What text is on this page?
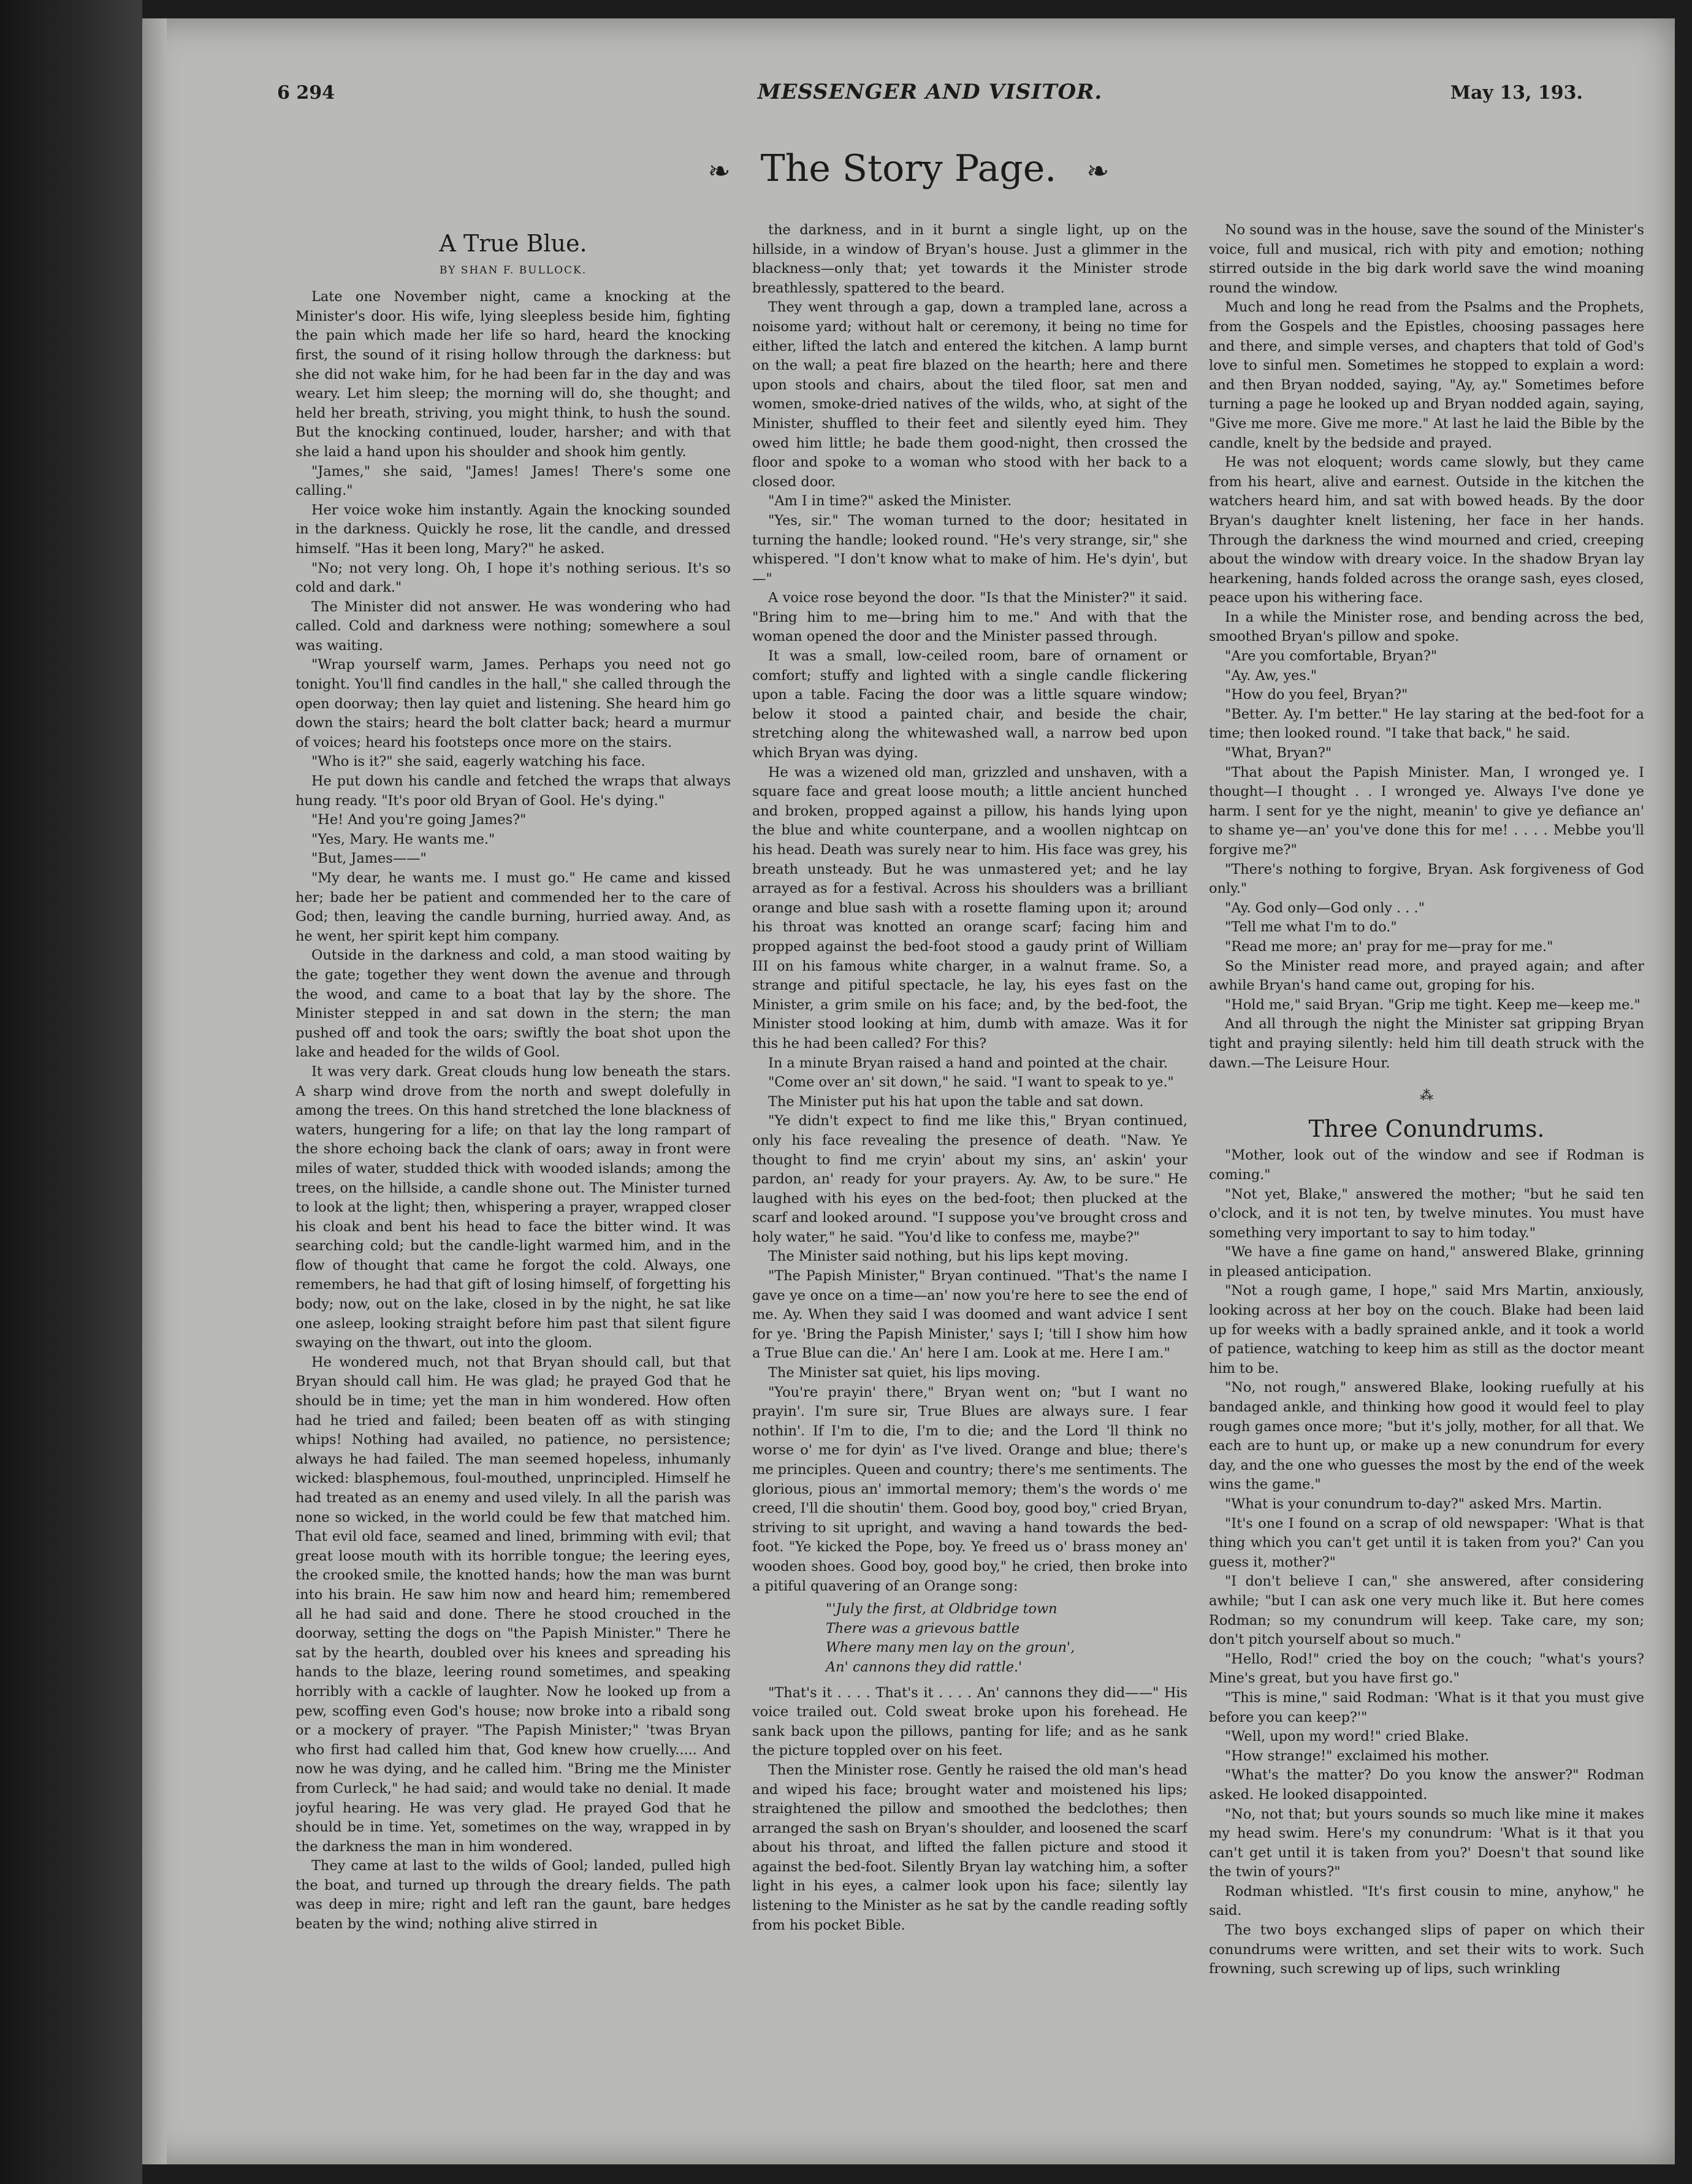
6 294	MESSENGER AND VISITOR.	May 13, 193.
❧ The Story Page. ❧
A True Blue.
BY SHAN F. BULLOCK.

Late one November night, came a knocking at the Minister's door. His wife, lying sleepless beside him, fighting the pain which made her life so hard, heard the knocking first, the sound of it rising hollow through the darkness: but she did not wake him, for he had been far in the day and was weary. Let him sleep; the morning will do, she thought; and held her breath, striving, you might think, to hush the sound. But the knocking continued, louder, harsher; and with that she laid a hand upon his shoulder and shook him gently.

"James," she said, "James! James! There's some one calling."

Her voice woke him instantly. Again the knocking sounded in the darkness. Quickly he rose, lit the candle, and dressed himself. "Has it been long, Mary?" he asked.

"No; not very long. Oh, I hope it's nothing serious. It's so cold and dark."

The Minister did not answer. He was wondering who had called. Cold and darkness were nothing; somewhere a soul was waiting.

"Wrap yourself warm, James. Perhaps you need not go tonight. You'll find candles in the hall," she called through the open doorway; then lay quiet and listening. She heard him go down the stairs; heard the bolt clatter back; heard a murmur of voices; heard his footsteps once more on the stairs.

"Who is it?" she said, eagerly watching his face.

He put down his candle and fetched the wraps that always hung ready. "It's poor old Bryan of Gool. He's dying."

"He! And you're going James?"

"Yes, Mary. He wants me."

"But, James——"

"My dear, he wants me. I must go." He came and kissed her; bade her be patient and commended her to the care of God; then, leaving the candle burning, hurried away. And, as he went, her spirit kept him company.

Outside in the darkness and cold, a man stood waiting by the gate; together they went down the avenue and through the wood, and came to a boat that lay by the shore. The Minister stepped in and sat down in the stern; the man pushed off and took the oars; swiftly the boat shot upon the lake and headed for the wilds of Gool.

It was very dark. Great clouds hung low beneath the stars. A sharp wind drove from the north and swept dolefully in among the trees. On this hand stretched the lone blackness of waters, hungering for a life; on that lay the long rampart of the shore echoing back the clank of oars; away in front were miles of water, studded thick with wooded islands; among the trees, on the hillside, a candle shone out. The Minister turned to look at the light; then, whispering a prayer, wrapped closer his cloak and bent his head to face the bitter wind. It was searching cold; but the candle-light warmed him, and in the flow of thought that came he forgot the cold. Always, one remembers, he had that gift of losing himself, of forgetting his body; now, out on the lake, closed in by the night, he sat like one asleep, looking straight before him past that silent figure swaying on the thwart, out into the gloom.

He wondered much, not that Bryan should call, but that Bryan should call him. He was glad; he prayed God that he should be in time; yet the man in him wondered. How often had he tried and failed; been beaten off as with stinging whips! Nothing had availed, no patience, no persistence; always he had failed. The man seemed hopeless, inhumanly wicked: blasphemous, foul-mouthed, unprincipled. Himself he had treated as an enemy and used vilely. In all the parish was none so wicked, in the world could be few that matched him. That evil old face, seamed and lined, brimming with evil; that great loose mouth with its horrible tongue; the leering eyes, the crooked smile, the knotted hands; how the man was burnt into his brain. He saw him now and heard him; remembered all he had said and done. There he stood crouched in the doorway, setting the dogs on "the Papish Minister." There he sat by the hearth, doubled over his knees and spreading his hands to the blaze, leering round sometimes, and speaking horribly with a cackle of laughter. Now he looked up from a pew, scoffing even God's house; now broke into a ribald song or a mockery of prayer. "The Papish Minister;" 'twas Bryan who first had called him that, God knew how cruelly..... And now he was dying, and he called him. "Bring me the Minister from Curleck," he had said; and would take no denial. It made joyful hearing. He was very glad. He prayed God that he should be in time. Yet, sometimes on the way, wrapped in by the darkness the man in him wondered.

They came at last to the wilds of Gool; landed, pulled high the boat, and turned up through the dreary fields. The path was deep in mire; right and left ran the gaunt, bare hedges beaten by the wind; nothing alive stirred in

the darkness, and in it burnt a single light, up on the hillside, in a window of Bryan's house. Just a glimmer in the blackness—only that; yet towards it the Minister strode breathlessly, spattered to the beard.

They went through a gap, down a trampled lane, across a noisome yard; without halt or ceremony, it being no time for either, lifted the latch and entered the kitchen. A lamp burnt on the wall; a peat fire blazed on the hearth; here and there upon stools and chairs, about the tiled floor, sat men and women, smoke-dried natives of the wilds, who, at sight of the Minister, shuffled to their feet and silently eyed him. They owed him little; he bade them good-night, then crossed the floor and spoke to a woman who stood with her back to a closed door.

"Am I in time?" asked the Minister.

"Yes, sir." The woman turned to the door; hesitated in turning the handle; looked round. "He's very strange, sir," she whispered. "I don't know what to make of him. He's dyin', but—"

A voice rose beyond the door. "Is that the Minister?" it said. "Bring him to me—bring him to me." And with that the woman opened the door and the Minister passed through.

It was a small, low-ceiled room, bare of ornament or comfort; stuffy and lighted with a single candle flickering upon a table. Facing the door was a little square window; below it stood a painted chair, and beside the chair, stretching along the whitewashed wall, a narrow bed upon which Bryan was dying.

He was a wizened old man, grizzled and unshaven, with a square face and great loose mouth; a little ancient hunched and broken, propped against a pillow, his hands lying upon the blue and white counterpane, and a woollen nightcap on his head. Death was surely near to him. His face was grey, his breath unsteady. But he was unmastered yet; and he lay arrayed as for a festival. Across his shoulders was a brilliant orange and blue sash with a rosette flaming upon it; around his throat was knotted an orange scarf; facing him and propped against the bed-foot stood a gaudy print of William III on his famous white charger, in a walnut frame. So, a strange and pitiful spectacle, he lay, his eyes fast on the Minister, a grim smile on his face; and, by the bed-foot, the Minister stood looking at him, dumb with amaze. Was it for this he had been called? For this?

In a minute Bryan raised a hand and pointed at the chair.

"Come over an' sit down," he said. "I want to speak to ye."

The Minister put his hat upon the table and sat down.

"Ye didn't expect to find me like this," Bryan continued, only his face revealing the presence of death. "Naw. Ye thought to find me cryin' about my sins, an' askin' your pardon, an' ready for your prayers. Ay. Aw, to be sure." He laughed with his eyes on the bed-foot; then plucked at the scarf and looked around. "I suppose you've brought cross and holy water," he said. "You'd like to confess me, maybe?"

The Minister said nothing, but his lips kept moving.

"The Papish Minister," Bryan continued. "That's the name I gave ye once on a time—an' now you're here to see the end of me. Ay. When they said I was doomed and want advice I sent for ye. 'Bring the Papish Minister,' says I; 'till I show him how a True Blue can die.' An' here I am. Look at me. Here I am."

The Minister sat quiet, his lips moving.

"You're prayin' there," Bryan went on; "but I want no prayin'. I'm sure sir, True Blues are always sure. I fear nothin'. If I'm to die, I'm to die; and the Lord 'll think no worse o' me for dyin' as I've lived. Orange and blue; there's me principles. Queen and country; there's me sentiments. The glorious, pious an' immortal memory; them's the words o' me creed, I'll die shoutin' them. Good boy, good boy," cried Bryan, striving to sit upright, and waving a hand towards the bed-foot. "Ye kicked the Pope, boy. Ye freed us o' brass money an' wooden shoes. Good boy, good boy," he cried, then broke into a pitiful quavering of an Orange song:

"'July the first, at Oldbridge town
There was a grievous battle
Where many men lay on the groun',
An' cannons they did rattle.'

"That's it . . . . That's it . . . . An' cannons they did——" His voice trailed out. Cold sweat broke upon his forehead. He sank back upon the pillows, panting for life; and as he sank the picture toppled over on his feet.

Then the Minister rose. Gently he raised the old man's head and wiped his face; brought water and moistened his lips; straightened the pillow and smoothed the bedclothes; then arranged the sash on Bryan's shoulder, and loosened the scarf about his throat, and lifted the fallen picture and stood it against the bed-foot. Silently Bryan lay watching him, a softer light in his eyes, a calmer look upon his face; silently lay listening to the Minister as he sat by the candle reading softly from his pocket Bible.

No sound was in the house, save the sound of the Minister's voice, full and musical, rich with pity and emotion; nothing stirred outside in the big dark world save the wind moaning round the window.

Much and long he read from the Psalms and the Prophets, from the Gospels and the Epistles, choosing passages here and there, and simple verses, and chapters that told of God's love to sinful men. Sometimes he stopped to explain a word: and then Bryan nodded, saying, "Ay, ay." Sometimes before turning a page he looked up and Bryan nodded again, saying, "Give me more. Give me more." At last he laid the Bible by the candle, knelt by the bedside and prayed.

He was not eloquent; words came slowly, but they came from his heart, alive and earnest. Outside in the kitchen the watchers heard him, and sat with bowed heads. By the door Bryan's daughter knelt listening, her face in her hands. Through the darkness the wind mourned and cried, creeping about the window with dreary voice. In the shadow Bryan lay hearkening, hands folded across the orange sash, eyes closed, peace upon his withering face.

In a while the Minister rose, and bending across the bed, smoothed Bryan's pillow and spoke.

"Are you comfortable, Bryan?"

"Ay. Aw, yes."

"How do you feel, Bryan?"

"Better. Ay. I'm better." He lay staring at the bed-foot for a time; then looked round. "I take that back," he said.

"What, Bryan?"

"That about the Papish Minister. Man, I wronged ye. I thought—I thought . . I wronged ye. Always I've done ye harm. I sent for ye the night, meanin' to give ye defiance an' to shame ye—an' you've done this for me! . . . . Mebbe you'll forgive me?"

"There's nothing to forgive, Bryan. Ask forgiveness of God only."

"Ay. God only—God only . . ."

"Tell me what I'm to do."

"Read me more; an' pray for me—pray for me."

So the Minister read more, and prayed again; and after awhile Bryan's hand came out, groping for his.

"Hold me," said Bryan. "Grip me tight. Keep me—keep me."

And all through the night the Minister sat gripping Bryan tight and praying silently: held him till death struck with the dawn.—The Leisure Hour.

⁂
Three Conundrums.

"Mother, look out of the window and see if Rodman is coming."

"Not yet, Blake," answered the mother; "but he said ten o'clock, and it is not ten, by twelve minutes. You must have something very important to say to him today."

"We have a fine game on hand," answered Blake, grinning in pleased anticipation.

"Not a rough game, I hope," said Mrs Martin, anxiously, looking across at her boy on the couch. Blake had been laid up for weeks with a badly sprained ankle, and it took a world of patience, watching to keep him as still as the doctor meant him to be.

"No, not rough," answered Blake, looking ruefully at his bandaged ankle, and thinking how good it would feel to play rough games once more; "but it's jolly, mother, for all that. We each are to hunt up, or make up a new conundrum for every day, and the one who guesses the most by the end of the week wins the game."

"What is your conundrum to-day?" asked Mrs. Martin.

"It's one I found on a scrap of old newspaper: 'What is that thing which you can't get until it is taken from you?' Can you guess it, mother?"

"I don't believe I can," she answered, after considering awhile; "but I can ask one very much like it. But here comes Rodman; so my conundrum will keep. Take care, my son; don't pitch yourself about so much."

"Hello, Rod!" cried the boy on the couch; "what's yours? Mine's great, but you have first go."

"This is mine," said Rodman: 'What is it that you must give before you can keep?'"

"Well, upon my word!" cried Blake.

"How strange!" exclaimed his mother.

"What's the matter? Do you know the answer?" Rodman asked. He looked disappointed.

"No, not that; but yours sounds so much like mine it makes my head swim. Here's my conundrum: 'What is it that you can't get until it is taken from you?' Doesn't that sound like the twin of yours?"

Rodman whistled. "It's first cousin to mine, anyhow," he said.

The two boys exchanged slips of paper on which their conundrums were written, and set their wits to work. Such frowning, such screwing up of lips, such wrinkling
